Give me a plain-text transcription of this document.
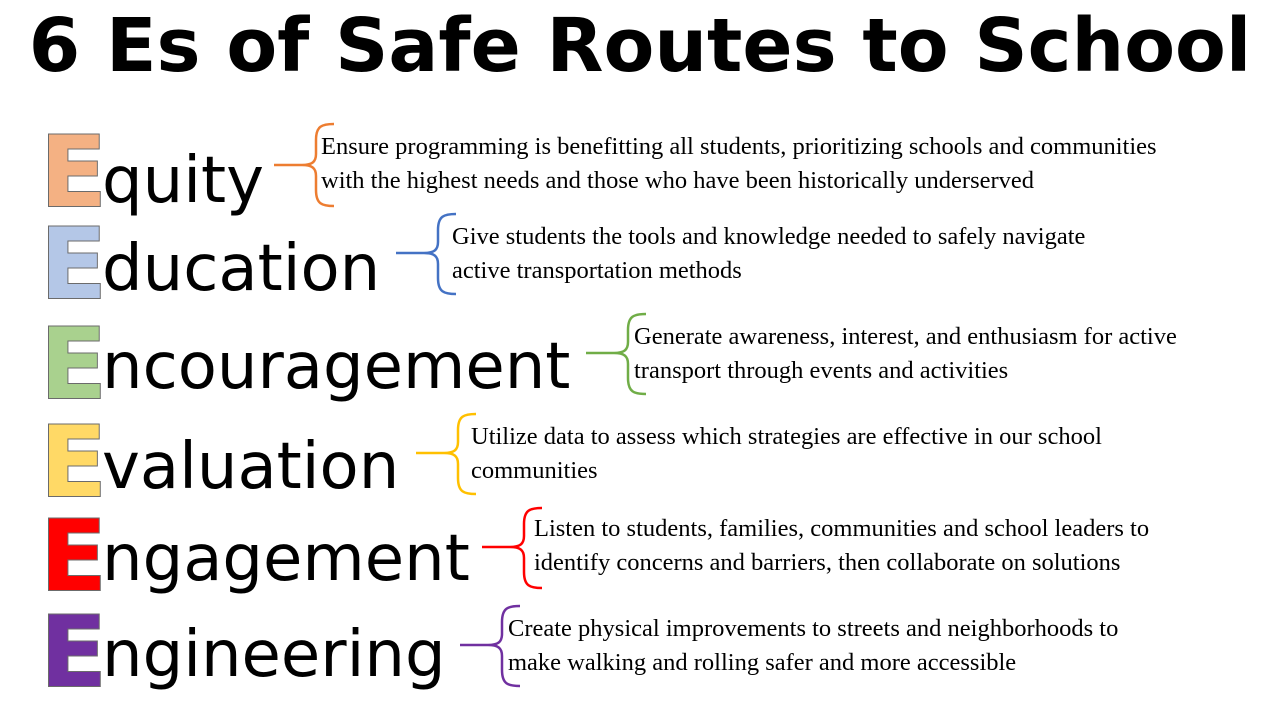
6 Es of Safe Routes to School
E
quity Ensure programming is benefitting all students, prioritizing schools and communities
with the highest needs and those who have been historically underserved
E
ducation	Give students the tools and knowledge needed to safely navigate
active transportation methods
E
ncouragement	Generate awareness, interest, and enthusiasm for active
transport through events and activities
E
valuation	Utilize data to assess which strategies are effective in our school
communities
E
ngagement	Listen to students, families, communities and school leaders to
identify concerns and barriers, then collaborate on solutions
E
ngineering	Create physical improvements to streets and neighborhoods to
make walking and rolling safer and more accessible
